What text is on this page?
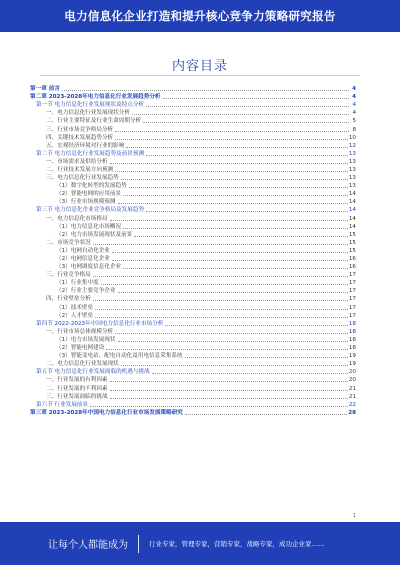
电力信息化企业打造和提升核心竞争力策略研究报告
内容目录
第一章 前言	4
第二章 2023-2028年电力信息化行业发展趋势分析	4
第一节 电力信息化行业发展现状及特点分析	4
一、电力信息化行业发展现状分析	4
二、行业主要特征及行业生命周期分析	5
三、行业市场竞争格局分析	8
四、关键技术发展趋势分析	10
五、宏观经济环境对行业的影响	12
第二节 电力信息化行业发展趋势及前景预测	13
一、市场需求及供给分析	13
二、行业技术发展方向预测	13
三、电力信息化行业发展趋势	13
（1）数字化转型的发展趋势	13
（2）智能电网的应用前景	14
（3）行业市场规模预测	14
第三节 电力信息化企业竞争格局及发展趋势	14
一、电力信息化市场格局	14
（1）电力信息化市场概况	14
（2）电力市场发展现状及前景	15
二、市场竞争状况	15
（1）电网自动化企业	15
（2）电网信息化企业	16
（3）电网调度信息化企业	16
三、行业竞争格局	17
（1）行业集中度	17
（2）行业主要竞争企业	17
四、行业壁垒分析	17
（1）技术壁垒	17
（2）人才壁垒	17
第四节 2022-2023年中国电力信息化行业市场分析	18
一、行业市场总体规模分析	18
（1）电力市场发展现状	18
（2）智能电网建设	18
（3）智能变电站、配电自动化及用电信息采集系统	19
二、电力信息化行业发展现状	19
第五节 电力信息化行业发展面临的机遇与挑战	20
一、行业发展的有利因素	20
二、行业发展的不利因素	21
三、行业发展面临的挑战	21
第六节 行业发展前景	22
第三章 2023-2028年中国电力信息化行业市场发展策略研究	28
1
让每个人都能成为	行业专家，管理专家，营销专家，战略专家，成功企业家……
